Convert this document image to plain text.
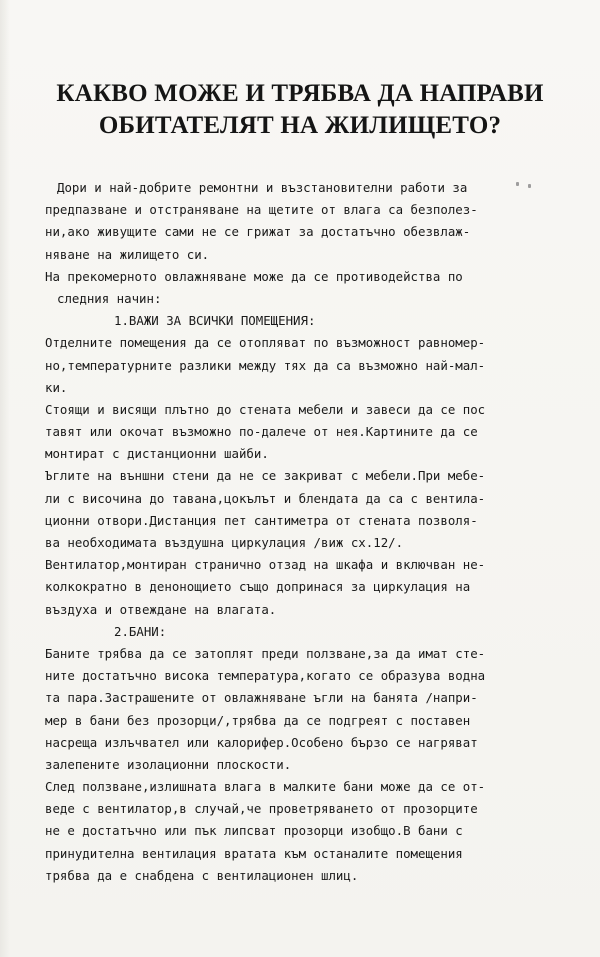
КАКВО МОЖЕ И ТРЯБВА ДА НАПРАВИ
ОБИТАТЕЛЯТ НА ЖИЛИЩЕТО?
Дори и най-добрите ремонтни и възстановителни работи за
предпазване и отстраняване на щетите от влага са безполез-
ни,ако живущите сами не се грижат за достатъчно обезвлаж-
няване на жилището си.
На прекомерното овлажняване може да се противодейства по
следния начин:
1.ВАЖИ ЗА ВСИЧКИ ПОМЕЩЕНИЯ:
Отделните помещения да се отопляват по възможност равномер-
но,температурните разлики между тях да са възможно най-мал-
ки.
Стоящи и висящи плътно до стената мебели и завеси да се пос
тавят или окочат възможно по-далече от нея.Картините да се
монтират с дистанционни шайби.
Ъглите на външни стени да не се закриват с мебели.При мебе-
ли с височина до тавана,цокълът и блендата да са с вентила-
ционни отвори.Дистанция пет сантиметра от стената позволя-
ва необходимата въздушна циркулация /виж сх.12/.
Вентилатор,монтиран странично отзад на шкафа и включван не-
колкократно в денонощието също допринася за циркулация на
въздуха и отвеждане на влагата.
2.БАНИ:
Баните трябва да се затоплят преди ползване,за да имат сте-
ните достатъчно висока температура,когато се образува водна
та пара.Застрашените от овлажняване ъгли на банята /напри-
мер в бани без прозорци/,трябва да се подгреят с поставен
насреща излъчвател или калорифер.Особено бързо се нагряват
залепените изолационни плоскости.
След ползване,излишната влага в малките бани може да се от-
веде с вентилатор,в случай,че проветряването от прозорците
не е достатъчно или пък липсват прозорци изобщо.В бани с
принудителна вентилация вратата към останалите помещения
трябва да е снабдена с вентилационен шлиц.
